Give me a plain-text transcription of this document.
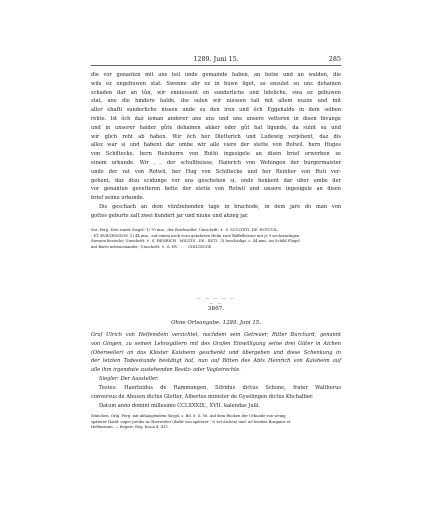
1289. Juni 15.	285
die vor genanten mit uns teil unde gemainde haben, an holze und an walden, die
wile ez ungebuwen stat. Swenne abr ez in buwe liget, so ensulet su uns dehainen
schaden dar an tůn, wir enniessent en sunderliche und lideliche, swa ez gebuwen
stat, ane die hindere halde, die sulen wir niessen tail mit allem nuzze und mit
aller ehafti sunderliche nissen unde su den iren und ŏch Eggehalde in dem selben
rehte. Ist ŏch daz ieman anderer ane uns und une unsere vetteren in disen bivange
und in unserer haider gůte dehainen akker oder gůt hat ligende, da sulnt su und
wir glich reht ab haben. Wir ŏch her Dietterich und Ludewig verjehent, daz dis
allez war si und habent dar umbe wir alle viere der stette von Rotwil, hern Huges
von Schiltecke, hern Reinherre von Ruthi ingesigele an disen brief erworben ze
einem urkunde. Wir . . der schultheisse, Hainrich von Wehingen der burgermaister
unde der rat von Rotwil, her Hug von Schiltecke und her Reinher von Ruti ver-
gehent, daz disu scidunge vor uns geschehen si, unde henkent dar uber umbe der
vor genanten gevetteren bette der stette von Rotwil und unsere ingesigele an disen
brief seime urkunde.
Dis geschach an dem vünfzehenden tage in brachode, in dem jare do man von
gottes geburte zalt zwei hundert jar und niune und ahzeg jar.
Sat. Perg. Drei runde Siegel: 1) 70 mm., der Reichsadler. Umschrift: ✝. S. SCVLTETI. DE. ROTVVIL.
. ET. BVRGENSIVM. 2) 44 mm., auf einem nach vorn gekehrten Helm zwei Büffelhörner mit je 9 sechszackigen
Sternen besteckt; Umschrift: ✝. S. HENRICH . MILITIS . DE . RVTI . 3) beschädigt, c. 44 mm., im Schild Flügel
mit Borte nebeneinander; Umschrift: ✝. S. HV . . . . CHILTEGGE .
— — — — — — —
3867.
Ohne Ortsangabe. 1289. Juni 15.
Graf Ulrich von Helfenstein verzichtet, nachdem sein Getreuer, Ritter Burchard, genannt
von Gingen, zu seinen Lehnsgütern mit des Grafen Einwilligung seine drei Güter in Aichen
(Oberweiler) an das Kloster Kaisheim geschenkt und übergeben und diese Schenkung in
der letzten Todesstunde bestätigt hat, nun auf Bitten des Abts Heinrich von Kaisheim auf
alle ihm irgendwie zustehenden Besitz- oder Vogteirechte.
Siegler: Der Aussteller.
Testes: Haertnidus de Rammungen, Sifridus dictus Schone, frater Waltherus
conversus de Ahusen dictus Gletter, Albertus minister de Gyselingen dictus Khchalber.
Datum anno domini millesimo CCLXXXIX., XVII. kalendas Julii.
München, Orig. Perg. mit abhangendem Siegel, s. Bd. 8. S. 56. Auf dem Rücken der Urkunde von wenig
späterer Hand: super predio in Oberweiler (dafür von späterer ; t) vel Aichen) und: ad bonitas Burgauw et
Helfenstain. — Regest: Reg. boica 4, 415.
